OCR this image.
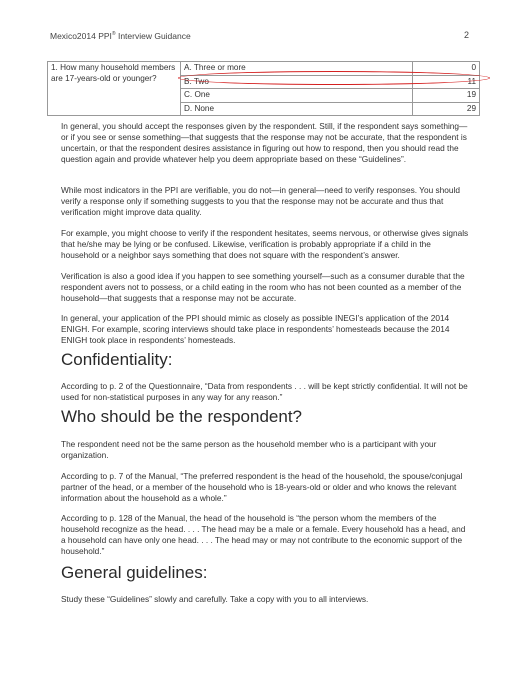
Mexico2014 PPI® Interview Guidance	2
1. How many household members are 17-years-old or younger?	A. Three or more	0
	B. Two	11
	C. One	19
	D. None	29

In general, you should accept the responses given by the respondent. Still, if the respondent says something—or if you see or sense something—that suggests that the response may not be accurate, that the respondent is uncertain, or that the respondent desires assistance in figuring out how to respond, then you should read the question again and provide whatever help you deem appropriate based on these “Guidelines”.

While most indicators in the PPI are verifiable, you do not—in general—need to verify responses. You should verify a response only if something suggests to you that the response may not be accurate and thus that verification might improve data quality.

For example, you might choose to verify if the respondent hesitates, seems nervous, or otherwise gives signals that he/she may be lying or be confused. Likewise, verification is probably appropriate if a child in the household or a neighbor says something that does not square with the respondent’s answer.

Verification is also a good idea if you happen to see something yourself—such as a consumer durable that the respondent avers not to possess, or a child eating in the room who has not been counted as a member of the household—that suggests that a response may not be accurate.

In general, your application of the PPI should mimic as closely as possible INEGI’s application of the 2014 ENIGH. For example, scoring interviews should take place in respondents’ homesteads because the 2014 ENIGH took place in respondents’ homesteads.

Confidentiality:

According to p. 2 of the Questionnaire, “Data from respondents . . . will be kept strictly confidential. It will not be used for non-statistical purposes in any way for any reason.”

Who should be the respondent?

The respondent need not be the same person as the household member who is a participant with your organization.

According to p. 7 of the Manual, “The preferred respondent is the head of the household, the spouse/conjugal partner of the head, or a member of the household who is 18-years-old or older and who knows the relevant information about the household as a whole.”

According to p. 128 of the Manual, the head of the household is “the person whom the members of the household recognize as the head. . . . The head may be a male or a female. Every household has a head, and a household can have only one head. . . . The head may or may not contribute to the economic support of the household.”

General guidelines:

Study these “Guidelines” slowly and carefully. Take a copy with you to all interviews.
